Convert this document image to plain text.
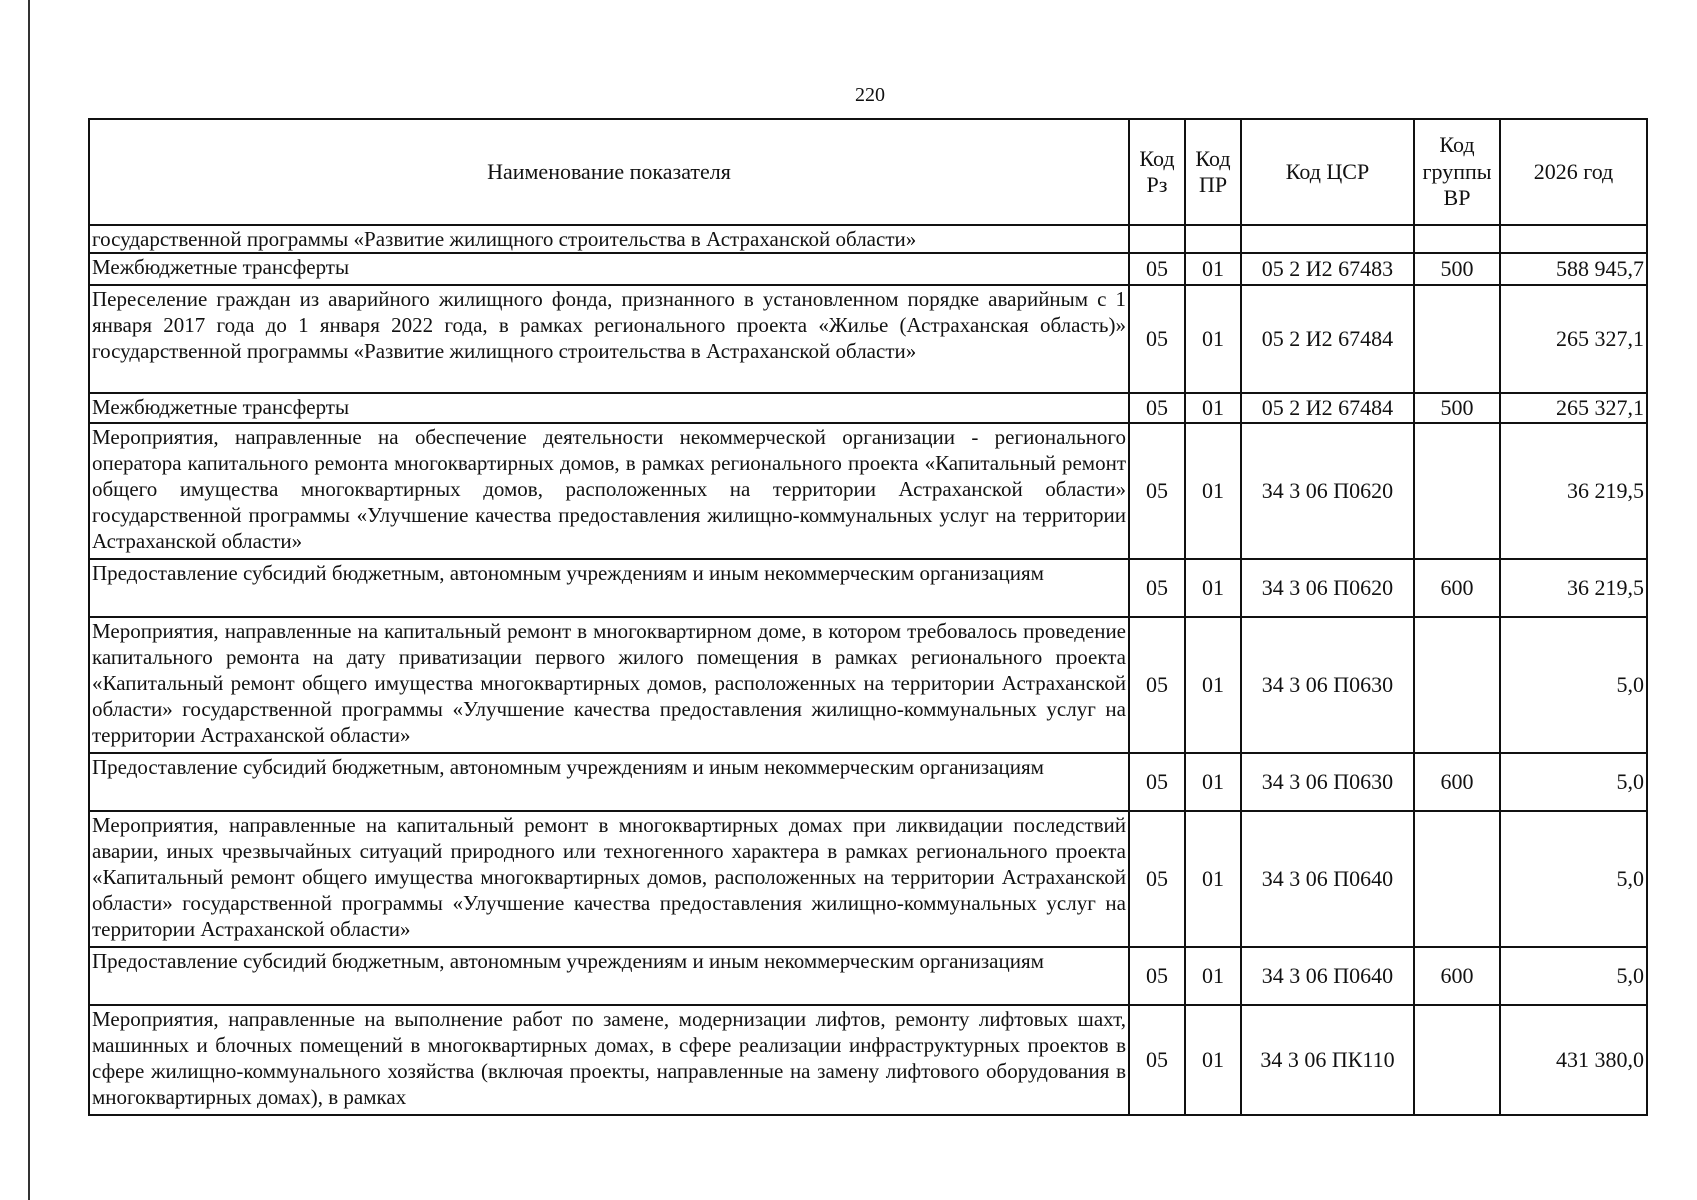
220
Наименование показателя	Код Рз	Код ПР	Код ЦСР	Код группы ВР	2026 год
государственной программы «Развитие жилищного строительства в Астраханской области»					
Межбюджетные трансферты	05	01	05 2 И2 67483	500	588 945,7
Переселение граждан из аварийного жилищного фонда, признанного в установленном порядке аварийным с 1 января 2017 года до 1 января 2022 года, в рамках регионального проекта «Жилье (Астраханская область)» государственной программы «Развитие жилищного строительства в Астраханской области»	05	01	05 2 И2 67484		265 327,1
Межбюджетные трансферты	05	01	05 2 И2 67484	500	265 327,1
Мероприятия, направленные на обеспечение деятельности некоммерческой организации - регионального оператора капитального ремонта многоквартирных домов, в рамках регионального проекта «Капитальный ремонт общего имущества многоквартирных домов, расположенных на территории Астраханской области» государственной программы «Улучшение качества предоставления жилищно-коммунальных услуг на территории Астраханской области»	05	01	34 3 06 П0620		36 219,5
Предоставление субсидий бюджетным, автономным учреждениям и иным некоммерческим организациям	05	01	34 3 06 П0620	600	36 219,5
Мероприятия, направленные на капитальный ремонт в многоквартирном доме, в котором требовалось проведение капитального ремонта на дату приватизации первого жилого помещения в рамках регионального проекта «Капитальный ремонт общего имущества многоквартирных домов, расположенных на территории Астраханской области» государственной программы «Улучшение качества предоставления жилищно-коммунальных услуг на территории Астраханской области»	05	01	34 3 06 П0630		5,0
Предоставление субсидий бюджетным, автономным учреждениям и иным некоммерческим организациям	05	01	34 3 06 П0630	600	5,0
Мероприятия, направленные на капитальный ремонт в многоквартирных домах при ликвидации последствий аварии, иных чрезвычайных ситуаций природного или техногенного характера в рамках регионального проекта «Капитальный ремонт общего имущества многоквартирных домов, расположенных на территории Астраханской области» государственной программы «Улучшение качества предоставления жилищно-коммунальных услуг на территории Астраханской области»	05	01	34 3 06 П0640		5,0
Предоставление субсидий бюджетным, автономным учреждениям и иным некоммерческим организациям	05	01	34 3 06 П0640	600	5,0
Мероприятия, направленные на выполнение работ по замене, модернизации лифтов, ремонту лифтовых шахт, машинных и блочных помещений в многоквартирных домах, в сфере реализации инфраструктурных проектов в сфере жилищно-коммунального хозяйства (включая проекты, направленные на замену лифтового оборудования в многоквартирных домах), в рамках	05	01	34 3 06 ПК110		431 380,0
